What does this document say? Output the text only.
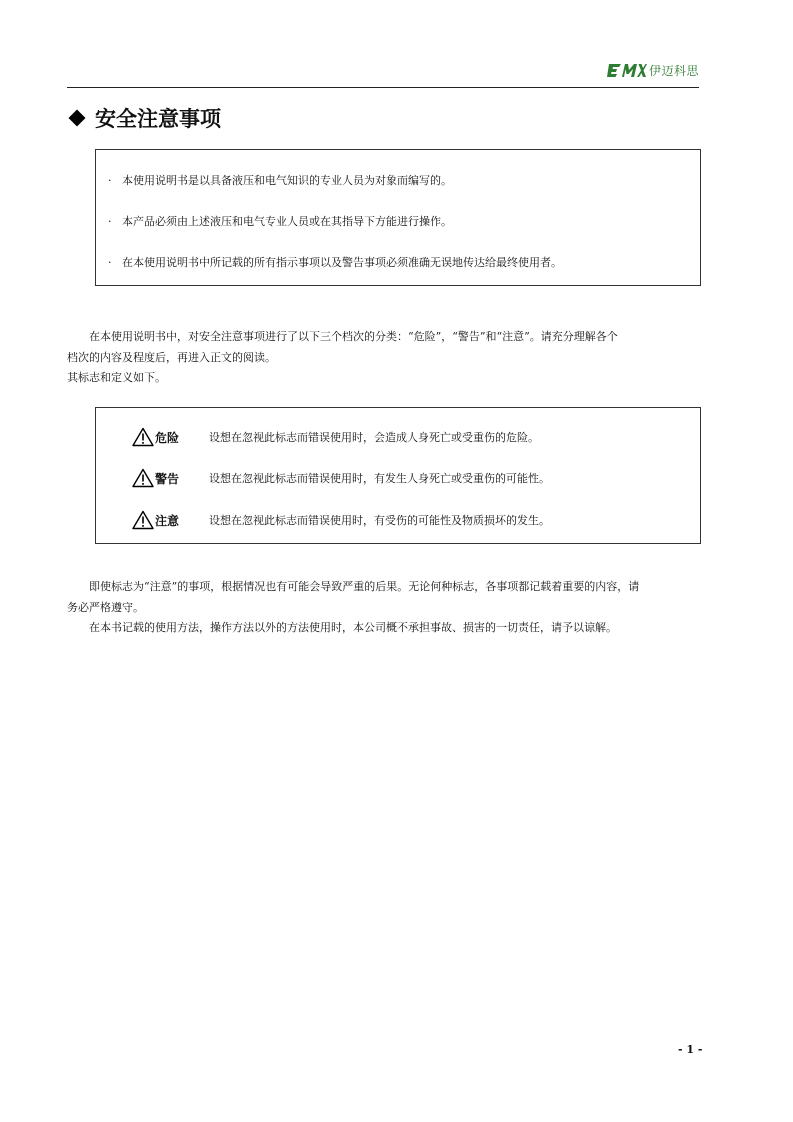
伊迈科思
安全注意事项
· 本使用说明书是以具备液压和电气知识的专业人员为对象而编写的。
· 本产品必须由上述液压和电气专业人员或在其指导下方能进行操作。
· 在本使用说明书中所记载的所有指示事项以及警告事项必须准确无误地传达给最终使用者。
在本使用说明书中，对安全注意事项进行了以下三个档次的分类：“危险”，“警告”和“注意”。请充分理解各个
档次的内容及程度后，再进入正文的阅读。
其标志和定义如下。
危险	设想在忽视此标志而错误使用时，会造成人身死亡或受重伤的危险。
警告	设想在忽视此标志而错误使用时，有发生人身死亡或受重伤的可能性。
注意	设想在忽视此标志而错误使用时，有受伤的可能性及物质损坏的发生。
即使标志为“注意”的事项，根据情况也有可能会导致严重的后果。无论何种标志，各事项都记载着重要的内容，请
务必严格遵守。
在本书记载的使用方法，操作方法以外的方法使用时，本公司概不承担事故、损害的一切责任，请予以谅解。
- 1 -
